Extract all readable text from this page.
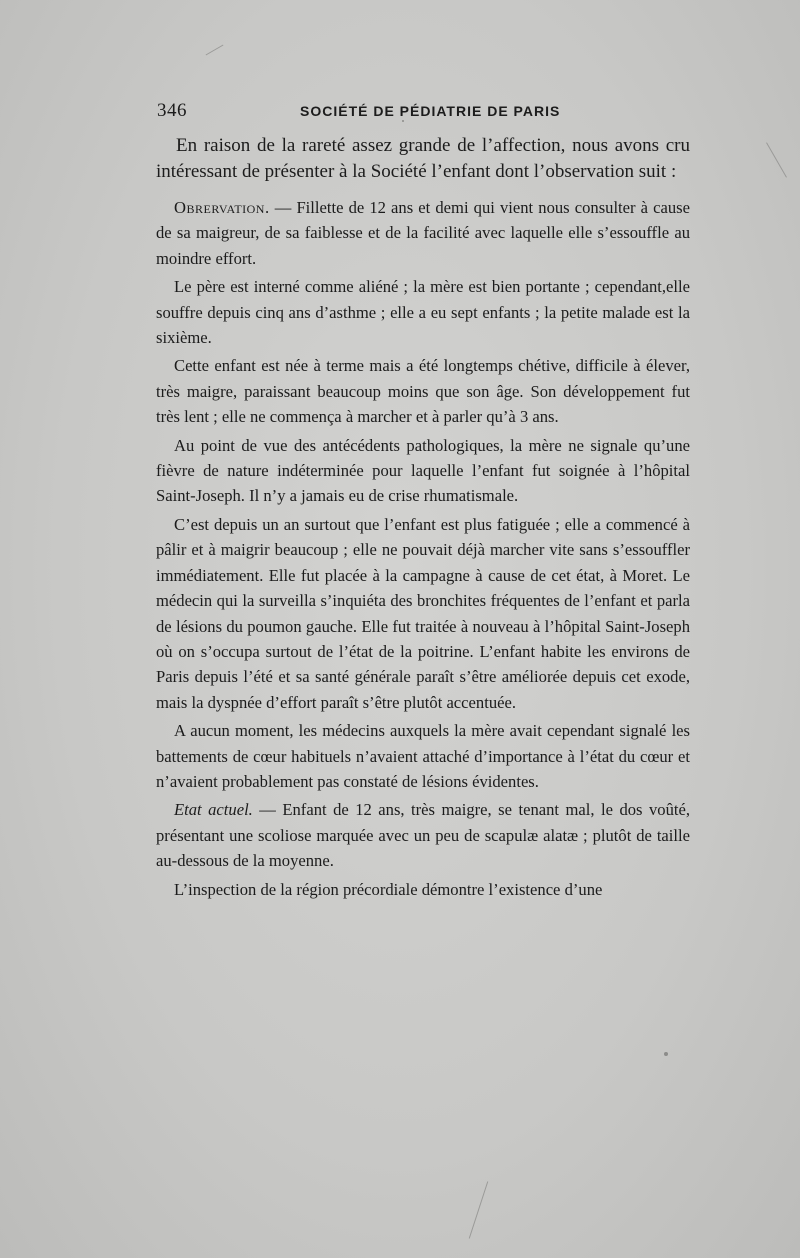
346	SOCIÉTÉ DE PÉDIATRIE DE PARIS

En raison de la rareté assez grande de l’affection, nous avons cru intéressant de présenter à la Société l’enfant dont l’observation suit :

Obrervation. — Fillette de 12 ans et demi qui vient nous consulter à cause de sa maigreur, de sa faiblesse et de la facilité avec laquelle elle s’essouffle au moindre effort.

Le père est interné comme aliéné ; la mère est bien portante ; cependant,elle souffre depuis cinq ans d’asthme ; elle a eu sept enfants ; la petite malade est la sixième.

Cette enfant est née à terme mais a été longtemps chétive, difficile à élever, très maigre, paraissant beaucoup moins que son âge. Son développement fut très lent ; elle ne commença à marcher et à parler qu’à 3 ans.

Au point de vue des antécédents pathologiques, la mère ne signale qu’une fièvre de nature indéterminée pour laquelle l’enfant fut soignée à l’hôpital Saint-Joseph. Il n’y a jamais eu de crise rhumatismale.

C’est depuis un an surtout que l’enfant est plus fatiguée ; elle a commencé à pâlir et à maigrir beaucoup ; elle ne pouvait déjà marcher vite sans s’essouffler immédiatement. Elle fut placée à la campagne à cause de cet état, à Moret. Le médecin qui la surveilla s’inquiéta des bronchites fréquentes de l’enfant et parla de lésions du poumon gauche. Elle fut traitée à nouveau à l’hôpital Saint-Joseph où on s’occupa surtout de l’état de la poitrine. L’enfant habite les environs de Paris depuis l’été et sa santé générale paraît s’être améliorée depuis cet exode, mais la dyspnée d’effort paraît s’être plutôt accentuée.

A aucun moment, les médecins auxquels la mère avait cependant signalé les battements de cœur habituels n’avaient attaché d’importance à l’état du cœur et n’avaient probablement pas constaté de lésions évidentes.

Etat actuel. — Enfant de 12 ans, très maigre, se tenant mal, le dos voûté, présentant une scoliose marquée avec un peu de scapulæ alatæ ; plutôt de taille au-dessous de la moyenne.

L’inspection de la région précordiale démontre l’existence d’une
